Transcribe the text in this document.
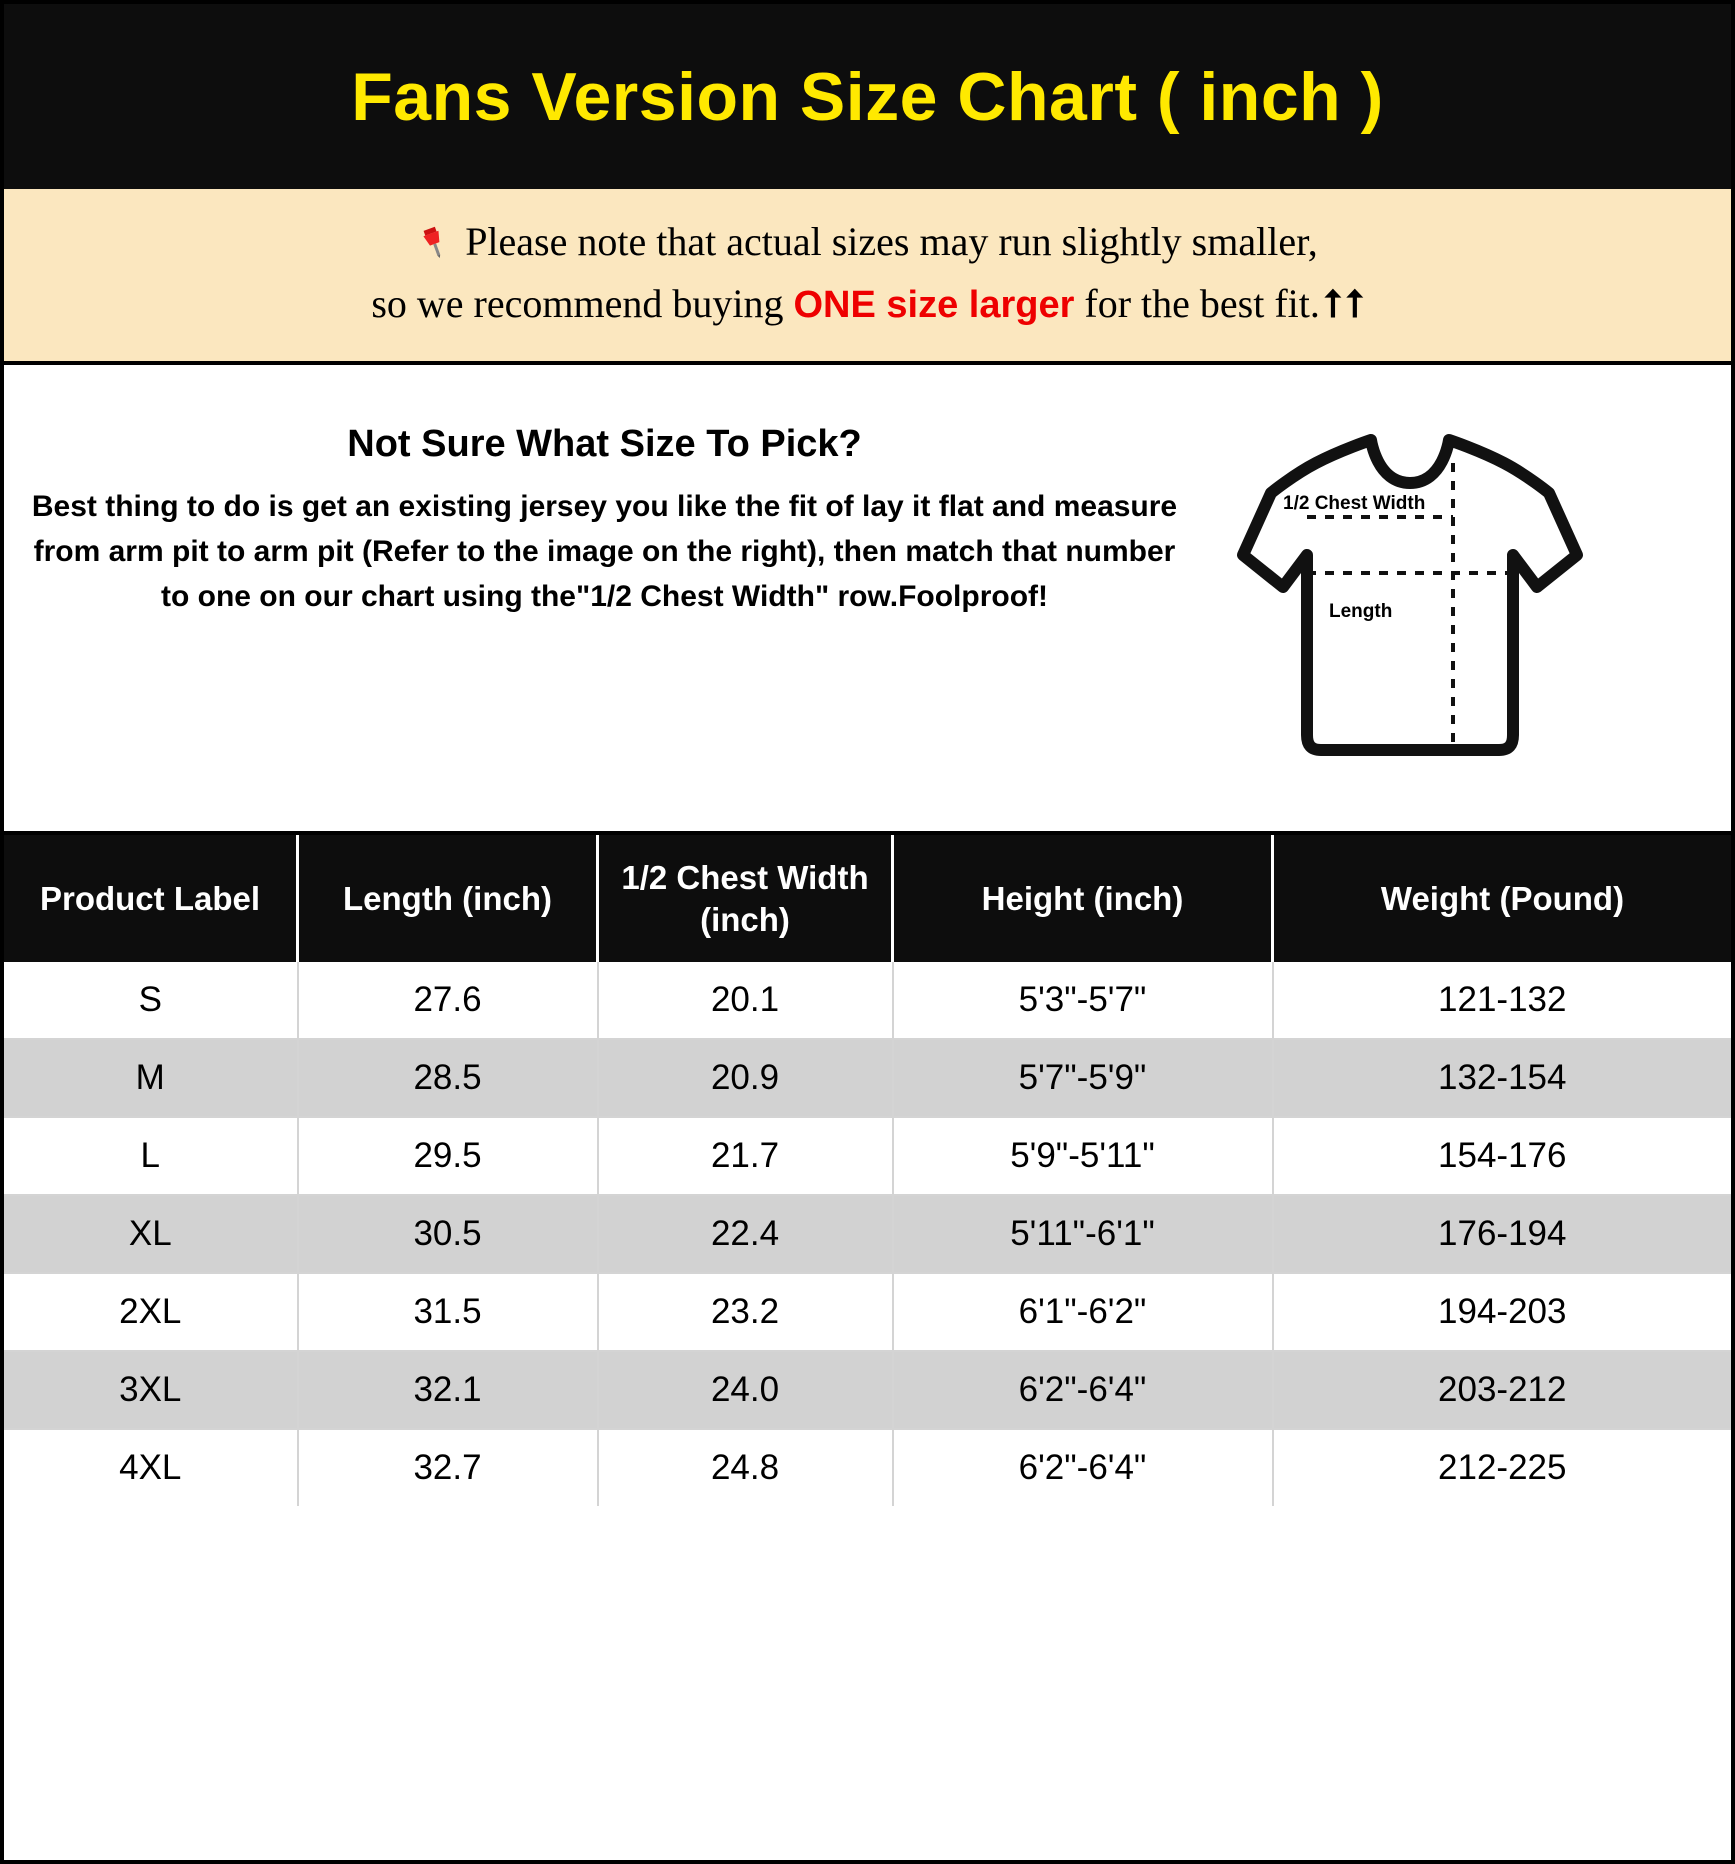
Fans Version Size Chart ( inch )
Please note that actual sizes may run slightly smaller,
so we recommend buying ONE size larger for the best fit. ⭡ ⭡
Not Sure What Size To Pick?
Best thing to do is get an existing jersey you like the fit of lay it flat and measure from arm pit to arm pit (Refer to the image on the right), then match that number to one on our chart using the"1/2 Chest Width" row.Foolproof!
1/2 Chest Width
Length
Product Label	Length (inch)	1/2 Chest Width (inch)	Height (inch)	Weight (Pound)
S	27.6	20.1	5'3"-5'7"	121-132
M	28.5	20.9	5'7"-5'9"	132-154
L	29.5	21.7	5'9"-5'11"	154-176
XL	30.5	22.4	5'11"-6'1"	176-194
2XL	31.5	23.2	6'1"-6'2"	194-203
3XL	32.1	24.0	6'2"-6'4"	203-212
4XL	32.7	24.8	6'2"-6'4"	212-225
